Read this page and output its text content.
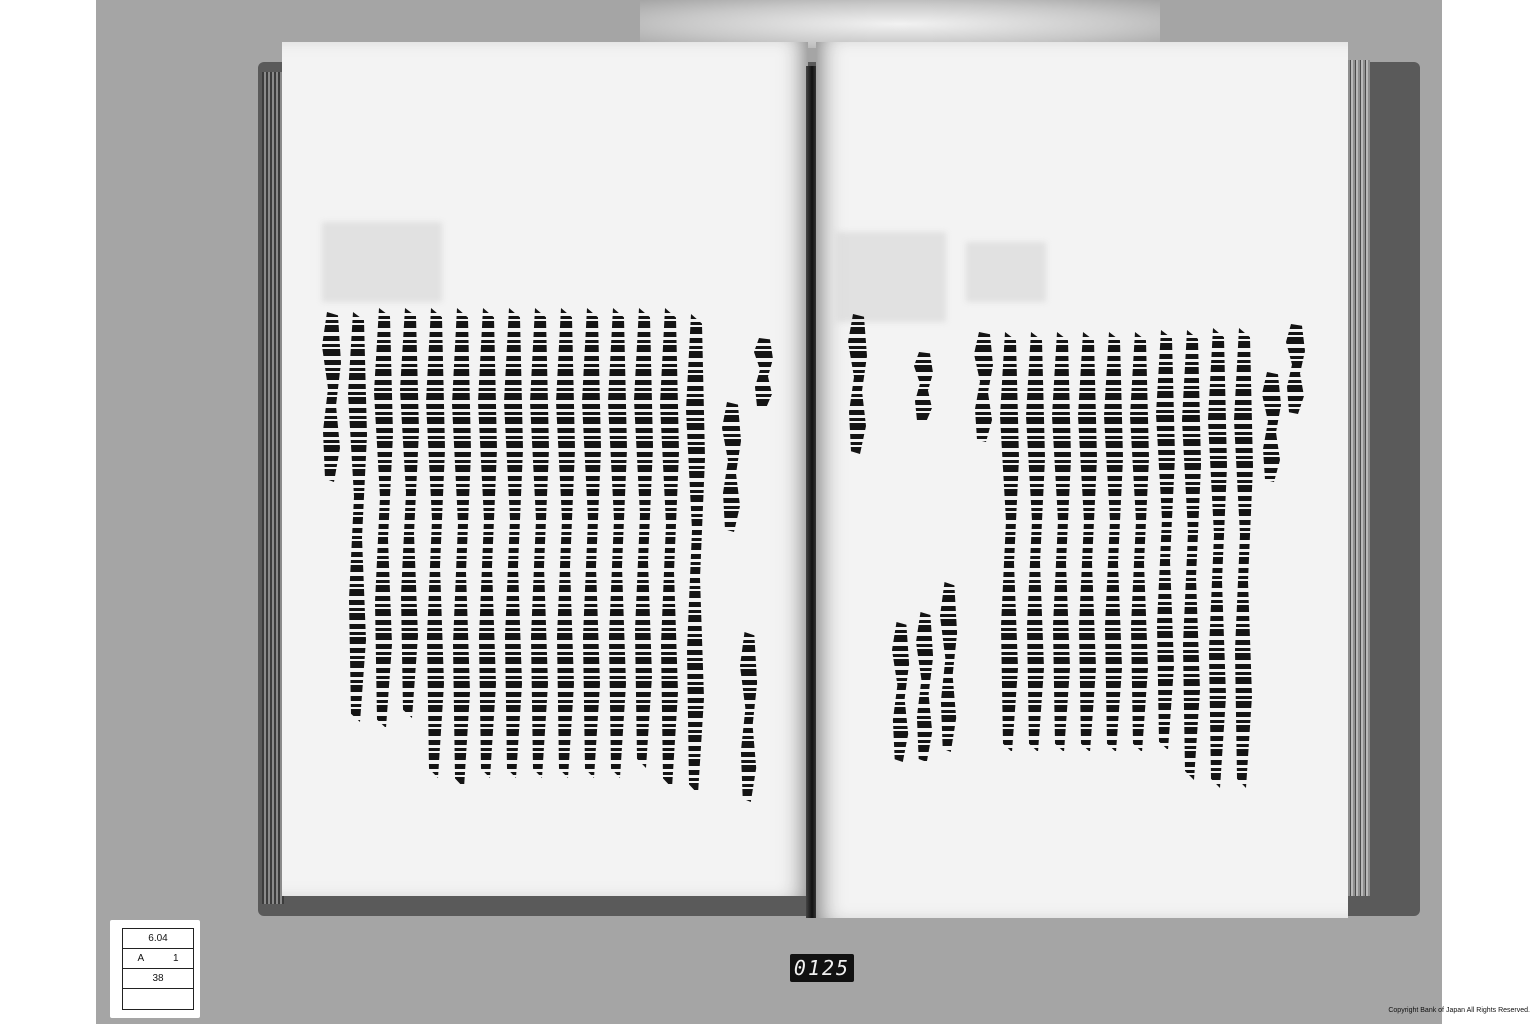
6.04
A	1
38	0125
Copyright Bank of Japan All Rights Reserved.
